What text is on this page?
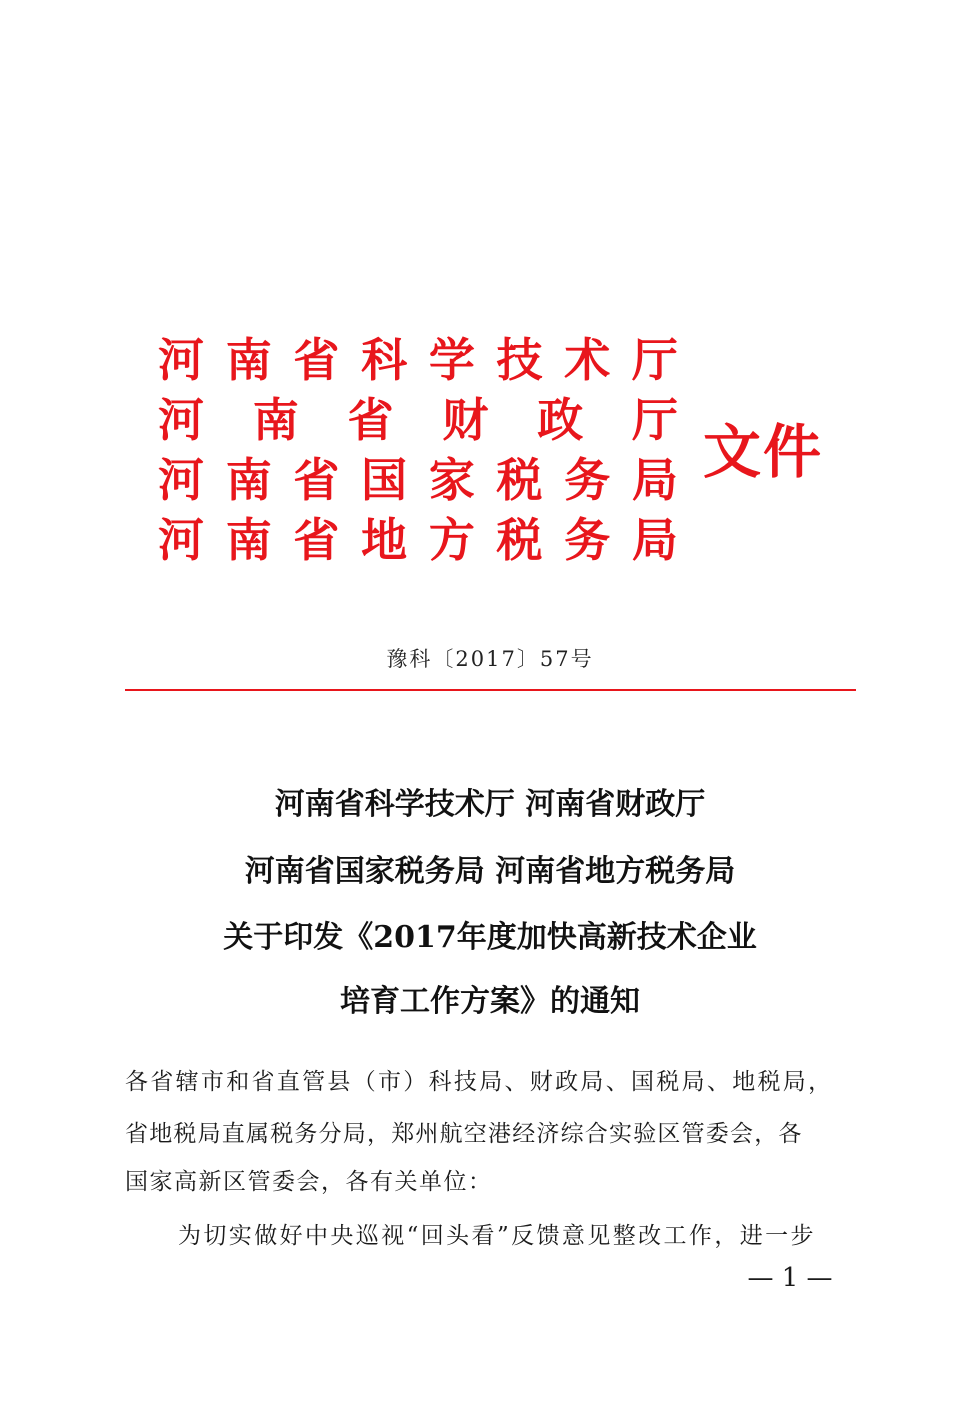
河 南 省 科 学 技 术 厅
河 南 省 财 政 厅
河 南 省 国 家 税 务 局
河 南 省 地 方 税 务 局
文件
豫科〔2017〕57号
河南省科学技术厅 河南省财政厅
河南省国家税务局 河南省地方税务局
关于印发《2017年度加快高新技术企业
培育工作方案》的通知
各省辖市和省直管县（市）科技局、财政局、国税局、地税局，
省地税局直属税务分局，郑州航空港经济综合实验区管委会，各
国家高新区管委会，各有关单位：
为切实做好中央巡视“回头看”反馈意见整改工作，进一步
— 1 —
